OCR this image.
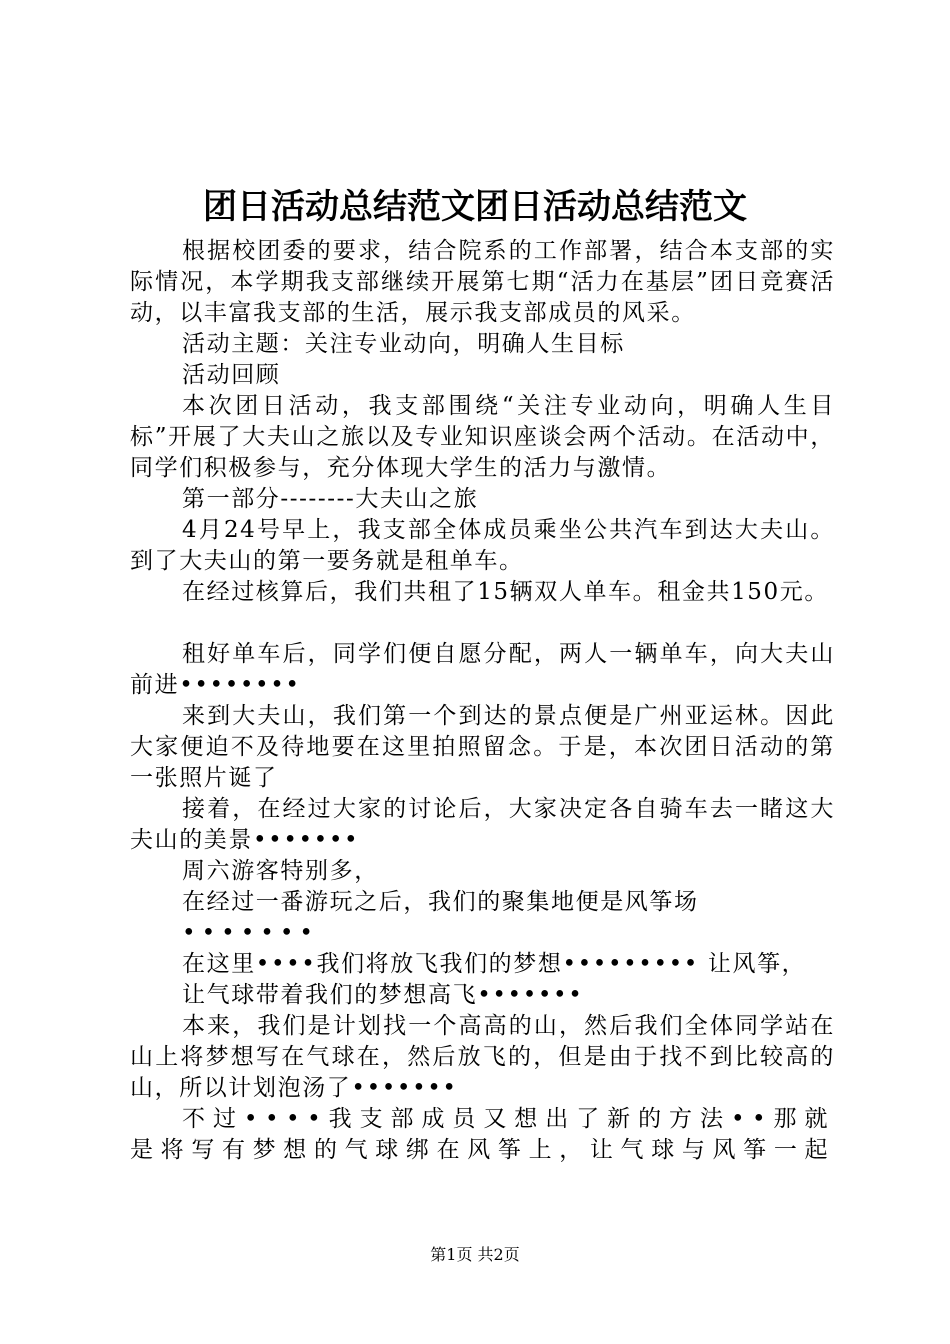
团日活动总结范文团日活动总结范文

根据校团委的要求，结合院系的工作部署，结合本支部的实际情况，本学期我支部继续开展第七期“活力在基层”团日竞赛活动，以丰富我支部的生活，展示我支部成员的风采。

活动主题：关注专业动向，明确人生目标

活动回顾

本次团日活动，我支部围绕“关注专业动向，明确人生目标”开展了大夫山之旅以及专业知识座谈会两个活动。在活动中，同学们积极参与，充分体现大学生的活力与激情。

第一部分--------大夫山之旅

4月24号早上，我支部全体成员乘坐公共汽车到达大夫山。到了大夫山的第一要务就是租单车。

在经过核算后，我们共租了15辆双人单车。租金共150元。

租好单车后，同学们便自愿分配，两人一辆单车，向大夫山前进••••••••

来到大夫山，我们第一个到达的景点便是广州亚运林。因此大家便迫不及待地要在这里拍照留念。于是，本次团日活动的第一张照片诞了

接着，在经过大家的讨论后，大家决定各自骑车去一睹这大夫山的美景•••••••

周六游客特别多，

在经过一番游玩之后，我们的聚集地便是风筝场

•••••••

在这里••••我们将放飞我们的梦想••••••••• 让风筝，

让气球带着我们的梦想高飞•••••••

本来，我们是计划找一个高高的山，然后我们全体同学站在山上将梦想写在气球在，然后放飞的，但是由于找不到比较高的山，所以计划泡汤了•••••••

不过••••我支部成员又想出了新的方法••那就是将写有梦想的气球绑在风筝上，让气球与风筝一起

第1页 共2页
